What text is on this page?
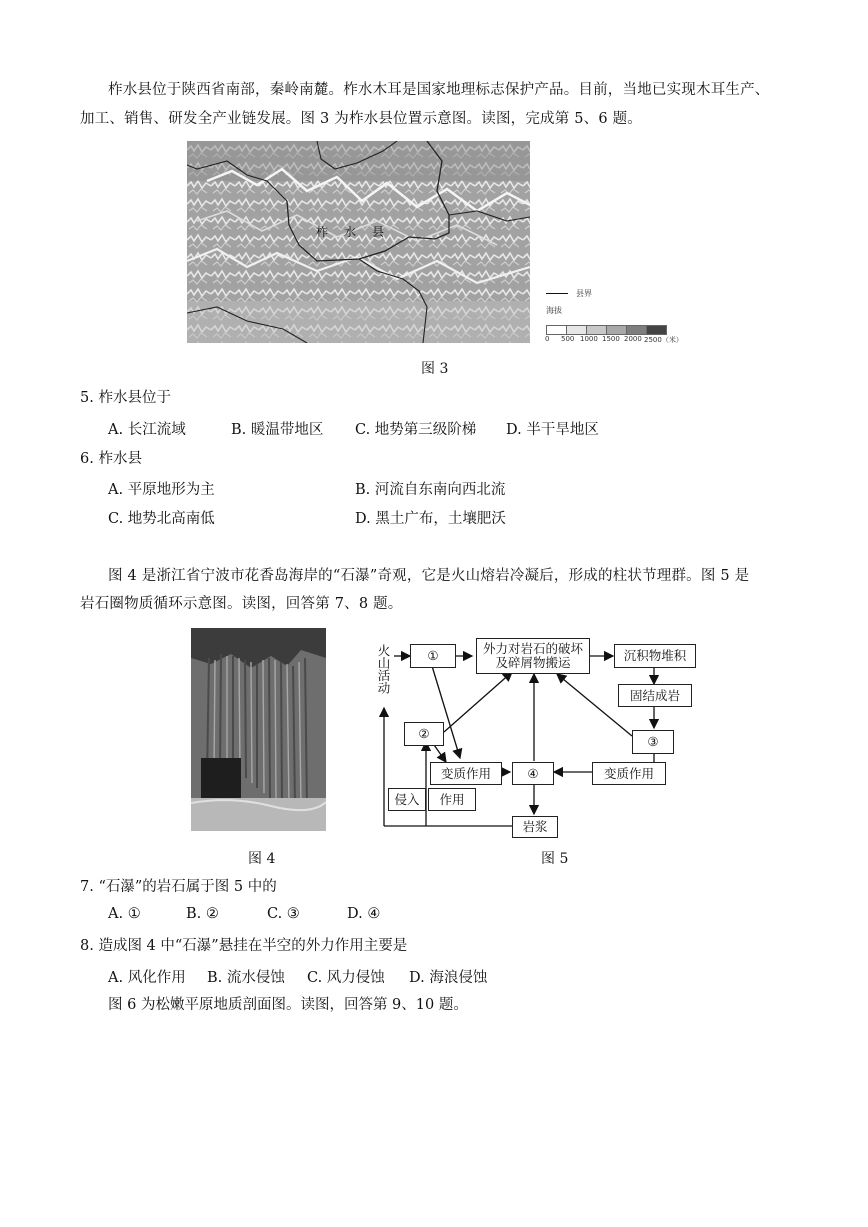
柞水县位于陕西省南部，秦岭南麓。柞水木耳是国家地理标志保护产品。目前，当地已实现木耳生产、
加工、销售、研发全产业链发展。图 3 为柞水县位置示意图。读图，完成第 5、6 题。
柞　水　县
县界
海拔
0 500 1000 1500 2000 2500（米）
图 3
5. 柞水县位于
A. 长江流域	B. 暖温带地区 C. 地势第三级阶梯 D. 半干旱地区
6. 柞水县
A. 平原地形为主	B. 河流自东南向西北流
C. 地势北高南低	D. 黑土广布，土壤肥沃
图 4 是浙江省宁波市花香岛海岸的“石瀑”奇观，它是火山熔岩冷凝后，形成的柱状节理群。图 5 是
岩石圈物质循环示意图。读图，回答第 7、8 题。
火山活动	①	外力对岩石的破坏及碎屑物搬运	沉积物堆积
固结成岩
③
②
变质作用	④	变质作用
侵入	作用
岩浆
图 4	图 5
7. “石瀑”的岩石属于图 5 中的
A. ①	B. ②	C. ③	D. ④
8. 造成图 4 中“石瀑”悬挂在半空的外力作用主要是
A. 风化作用 B. 流水侵蚀 C. 风力侵蚀 D. 海浪侵蚀
图 6 为松嫩平原地质剖面图。读图，回答第 9、10 题。
